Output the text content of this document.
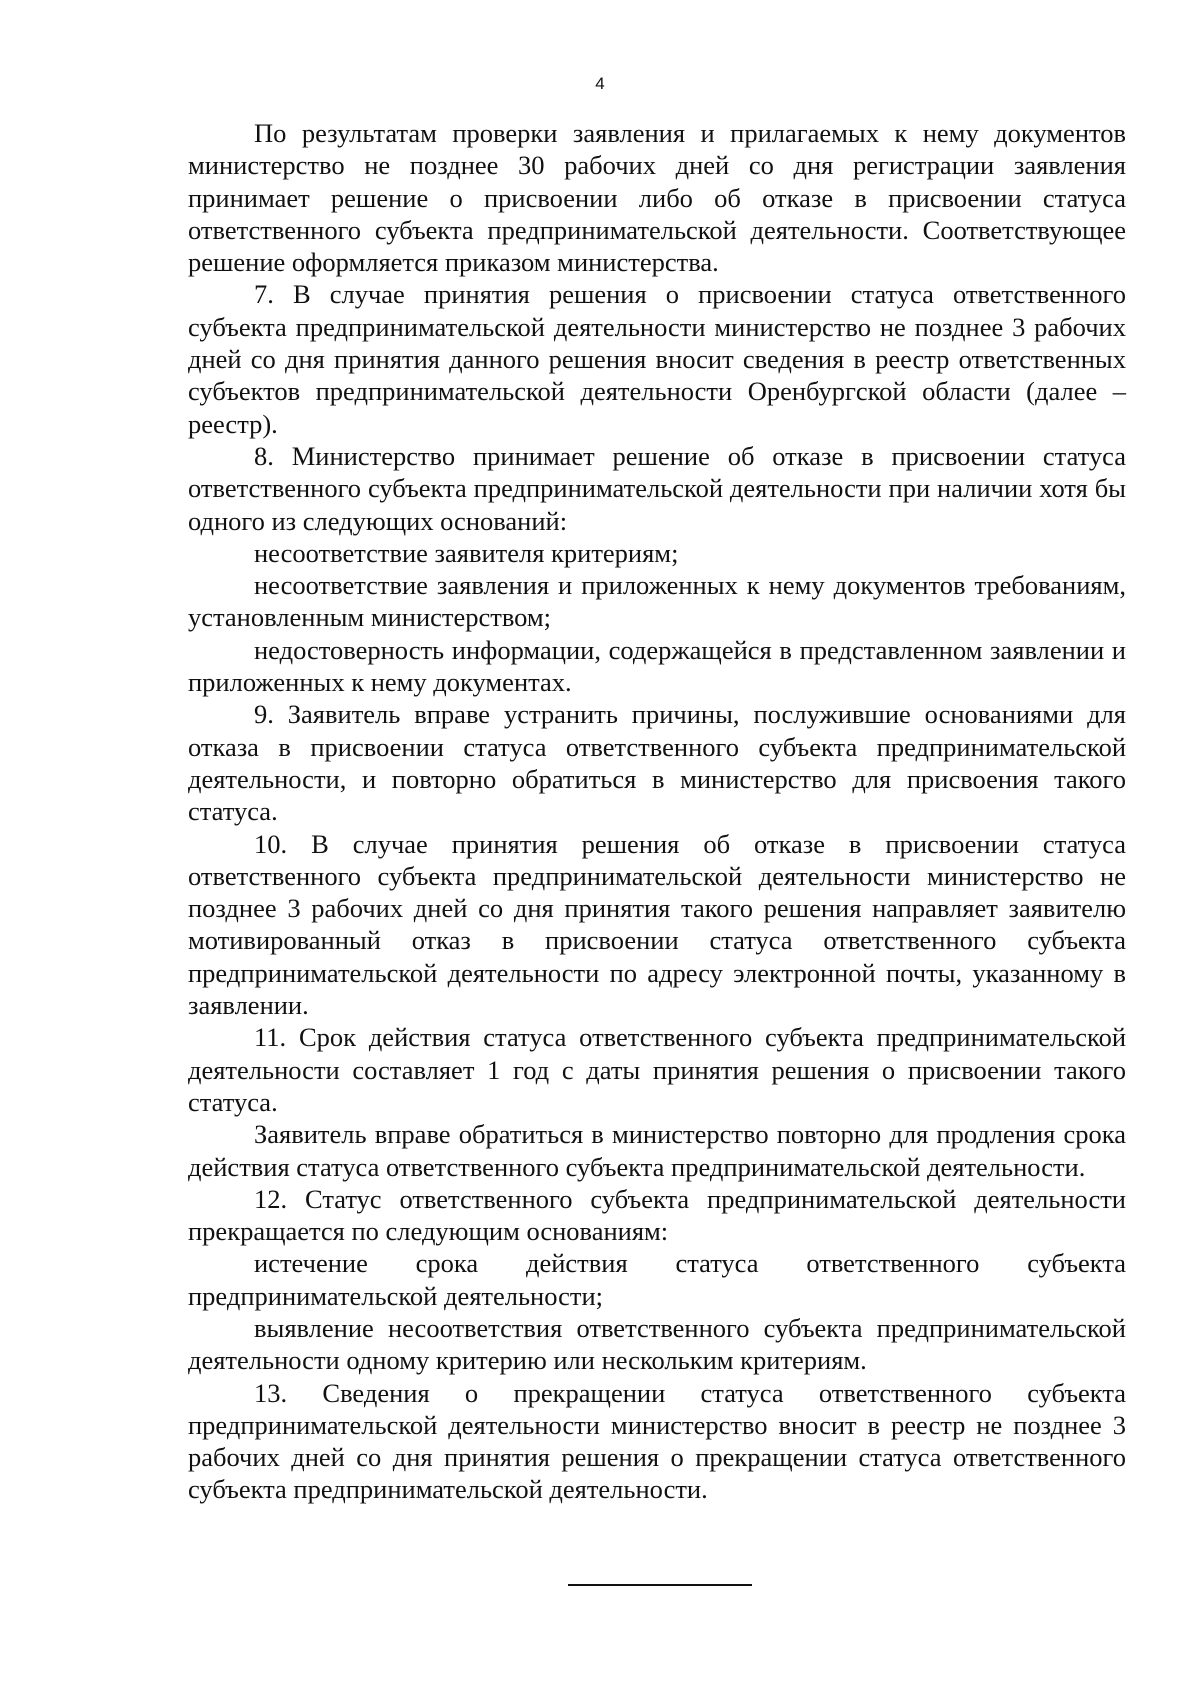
4

По результатам проверки заявления и прилагаемых к нему документов министерство не позднее 30 рабочих дней со дня регистрации заявления принимает решение о присвоении либо об отказе в присвоении статуса ответственного субъекта предпринимательской деятельности. Соответствующее решение оформляется приказом министерства.

7. В случае принятия решения о присвоении статуса ответственного субъекта предпринимательской деятельности министерство не позднее 3 рабочих дней со дня принятия данного решения вносит сведения в реестр ответственных субъектов предпринимательской деятельности Оренбургской области (далее – реестр).

8. Министерство принимает решение об отказе в присвоении статуса ответственного субъекта предпринимательской деятельности при наличии хотя бы одного из следующих оснований:

несоответствие заявителя критериям;

несоответствие заявления и приложенных к нему документов требованиям, установленным министерством;

недостоверность информации, содержащейся в представленном заявлении и приложенных к нему документах.

9. Заявитель вправе устранить причины, послужившие основаниями для отказа в присвоении статуса ответственного субъекта предпринимательской деятельности, и повторно обратиться в министерство для присвоения такого статуса.

10. В случае принятия решения об отказе в присвоении статуса ответственного субъекта предпринимательской деятельности министерство не позднее 3 рабочих дней со дня принятия такого решения направляет заявителю мотивированный отказ в присвоении статуса ответственного субъекта предпринимательской деятельности по адресу электронной почты, указанному в заявлении.

11. Срок действия статуса ответственного субъекта предпринимательской деятельности составляет 1 год с даты принятия решения о присвоении такого статуса.

Заявитель вправе обратиться в министерство повторно для продления срока действия статуса ответственного субъекта предпринимательской деятельности.

12. Статус ответственного субъекта предпринимательской деятельности прекращается по следующим основаниям:

истечение срока действия статуса ответственного субъекта предпринимательской деятельности;

выявление несоответствия ответственного субъекта предпринимательской деятельности одному критерию или нескольким критериям.

13. Сведения о прекращении статуса ответственного субъекта предпринимательской деятельности министерство вносит в реестр не позднее 3 рабочих дней со дня принятия решения о прекращении статуса ответственного субъекта предпринимательской деятельности.
